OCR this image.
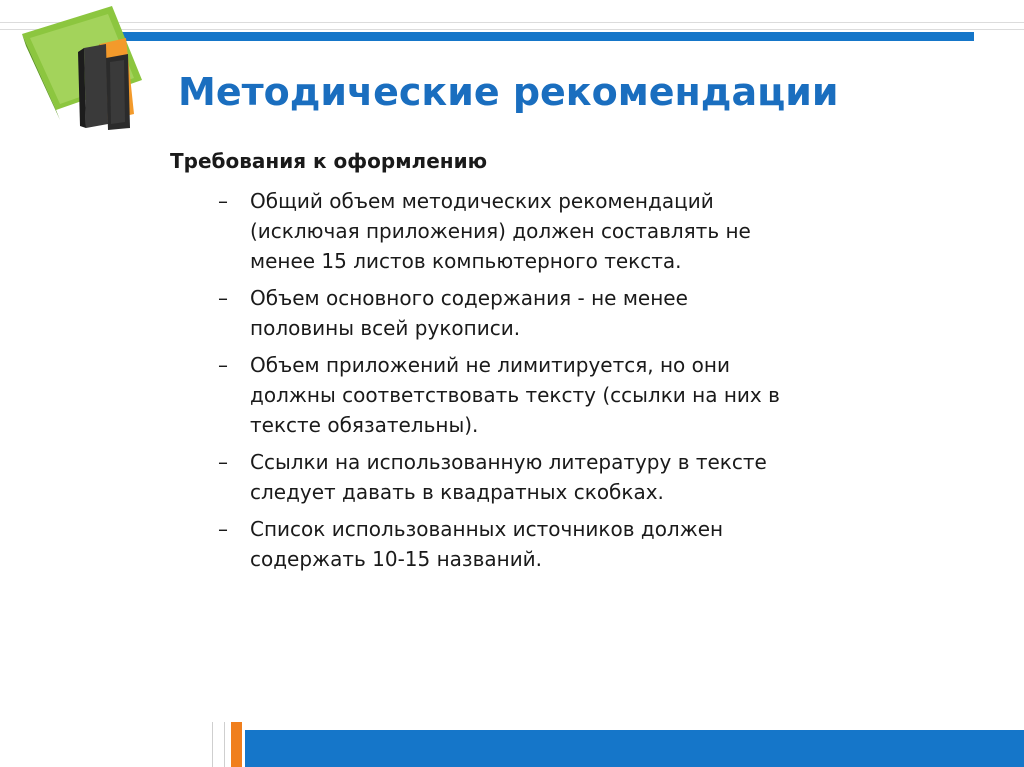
Методические рекомендации

Требования к оформлению

–	Общий объем методических рекомендаций
(исключая приложения) должен составлять не
менее 15 листов компьютерного текста.
–	Объем основного содержания - не менее
половины всей рукописи.
–	Объем приложений не лимитируется, но они
должны соответствовать тексту (ссылки на них в
тексте обязательны).
–	Ссылки на использованную литературу в тексте
следует давать в квадратных скобках.
–	Список использованных источников должен
содержать 10-15 названий.
